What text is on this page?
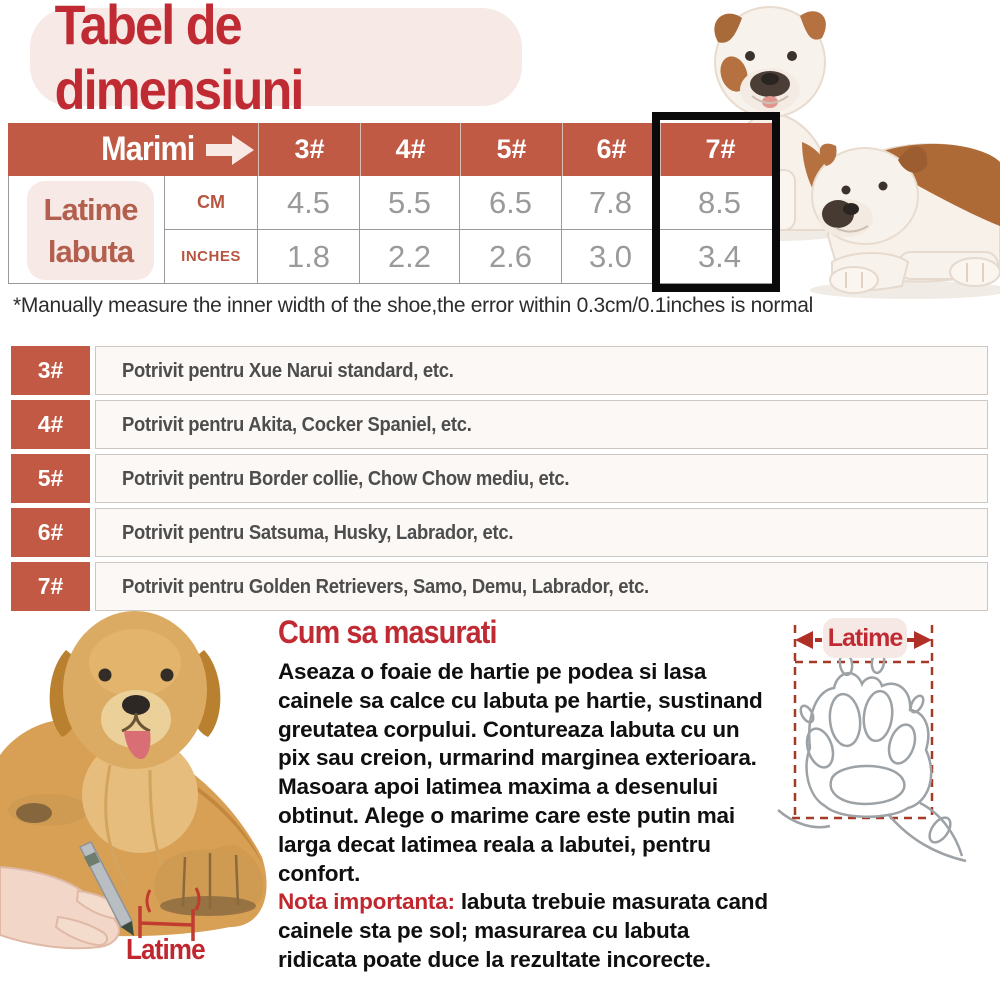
Tabel de dimensiuni
Marimi	3#	4#	5#	6#	7#
Latime
labuta
CM 4.5 5.5 6.5 7.8 8.5
INCHES 1.8 2.2 2.6 3.0 3.4
*Manually measure the inner width of the shoe,the error within 0.3cm/0.1inches is normal
3#	Potrivit pentru Xue Narui standard, etc.
4#	Potrivit pentru Akita, Cocker Spaniel, etc.
5#	Potrivit pentru Border collie, Chow Chow mediu, etc.
6#	Potrivit pentru Satsuma, Husky, Labrador, etc.
7#	Potrivit pentru Golden Retrievers, Samo, Demu, Labrador, etc.
Latime
Cum sa masurati

Aseaza o foaie de hartie pe podea si lasa cainele sa calce cu labuta pe hartie, sustinand greutatea corpului. Contureaza labuta cu un pix sau creion, urmarind marginea exterioara. Masoara apoi latimea maxima a desenului obtinut. Alege o marime care este putin mai larga decat latimea reala a labutei, pentru confort.

Nota importanta: labuta trebuie masurata cand cainele sta pe sol; masurarea cu labuta ridicata poate duce la rezultate incorecte.

Latime
